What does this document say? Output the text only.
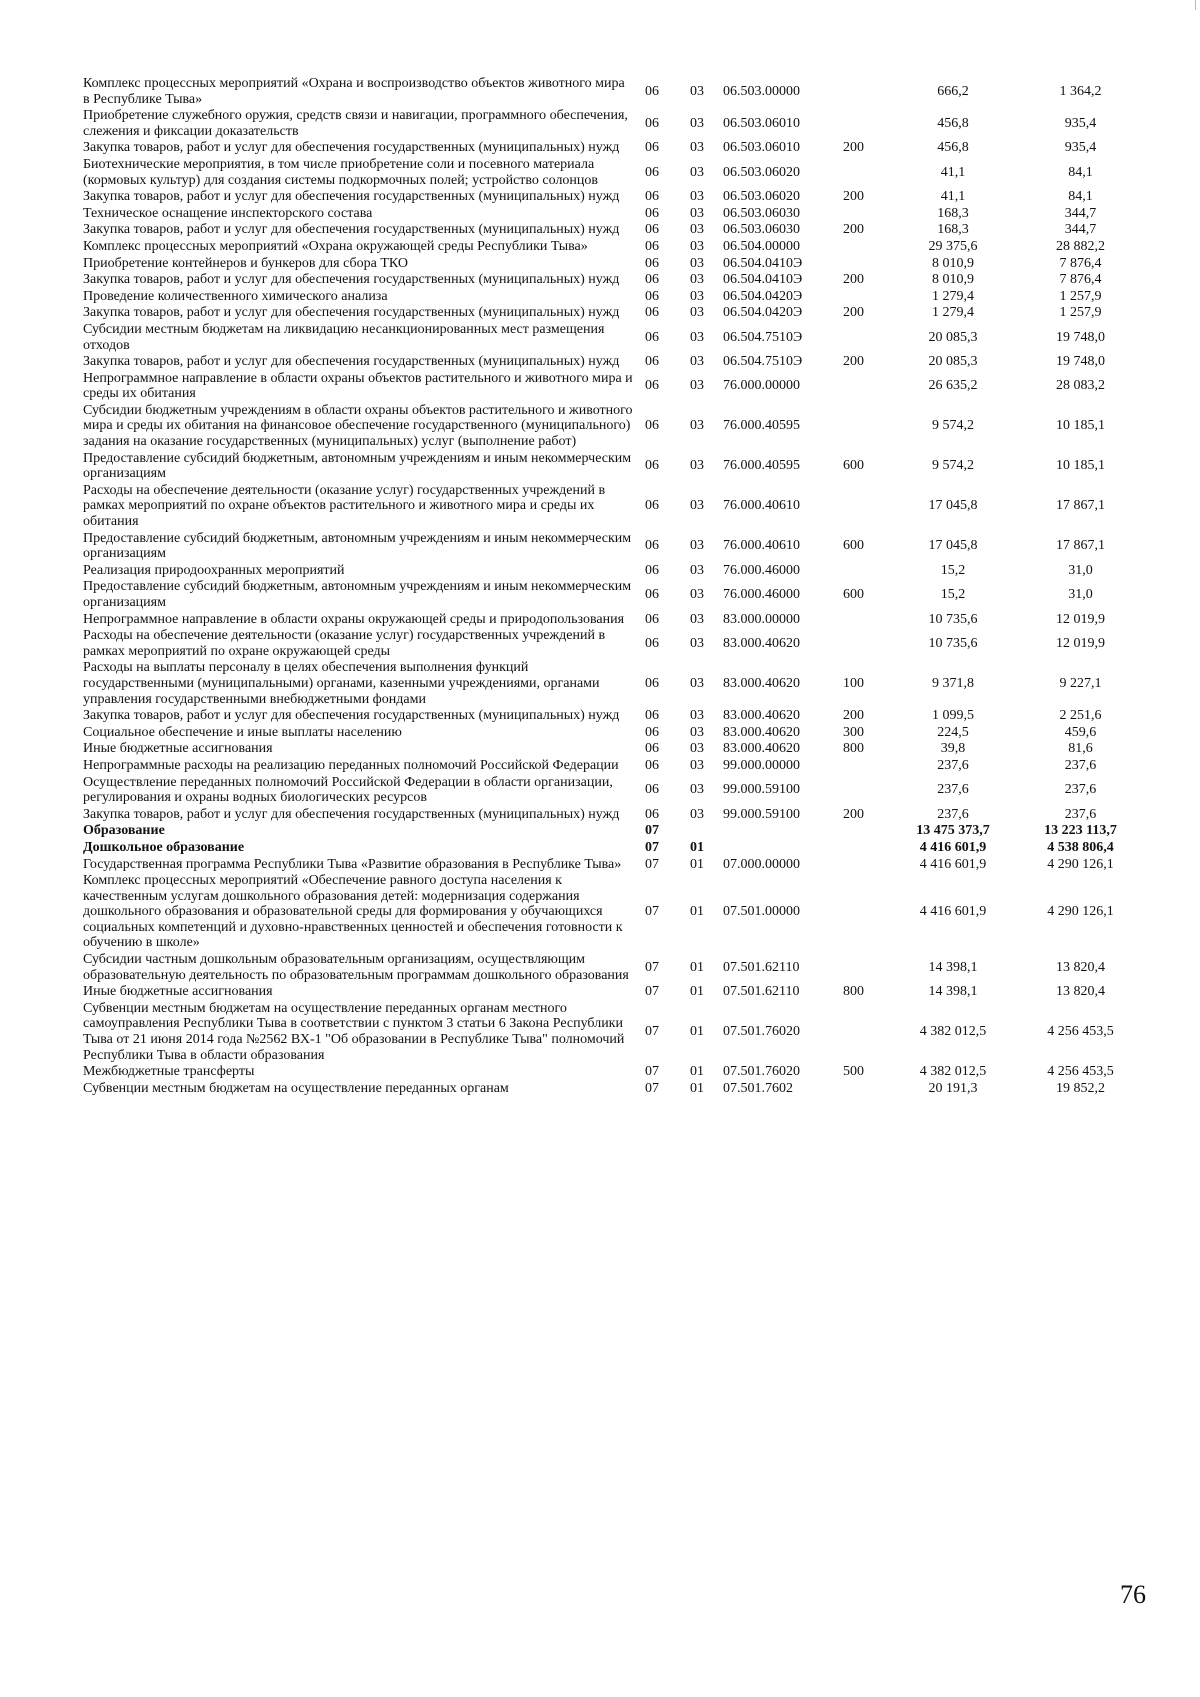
Комплекс процессных мероприятий «Охрана и воспроизводство объектов животного мира в Республике Тыва»	06	03	06.503.00000		666,2	1 364,2
Приобретение служебного оружия, средств связи и навигации, программного обеспечения, слежения и фиксации доказательств	06	03	06.503.06010		456,8	935,4
Закупка товаров, работ и услуг для обеспечения государственных (муниципальных) нужд	06	03	06.503.06010	200	456,8	935,4
Биотехнические мероприятия, в том числе приобретение соли и посевного материала (кормовых культур) для создания системы подкормочных полей; устройство солонцов	06	03	06.503.06020		41,1	84,1
Закупка товаров, работ и услуг для обеспечения государственных (муниципальных) нужд	06	03	06.503.06020	200	41,1	84,1
Техническое оснащение инспекторского состава	06	03	06.503.06030		168,3	344,7
Закупка товаров, работ и услуг для обеспечения государственных (муниципальных) нужд	06	03	06.503.06030	200	168,3	344,7
Комплекс процессных мероприятий «Охрана окружающей среды Республики Тыва»	06	03	06.504.00000		29 375,6	28 882,2
Приобретение контейнеров и бункеров для сбора ТКО	06	03	06.504.0410Э		8 010,9	7 876,4
Закупка товаров, работ и услуг для обеспечения государственных (муниципальных) нужд	06	03	06.504.0410Э	200	8 010,9	7 876,4
Проведение количественного химического анализа	06	03	06.504.0420Э		1 279,4	1 257,9
Закупка товаров, работ и услуг для обеспечения государственных (муниципальных) нужд	06	03	06.504.0420Э	200	1 279,4	1 257,9
Субсидии местным бюджетам на ликвидацию несанкционированных мест размещения отходов	06	03	06.504.7510Э		20 085,3	19 748,0
Закупка товаров, работ и услуг для обеспечения государственных (муниципальных) нужд	06	03	06.504.7510Э	200	20 085,3	19 748,0
Непрограммное направление в области охраны объектов растительного и животного мира и среды их обитания	06	03	76.000.00000		26 635,2	28 083,2
Субсидии бюджетным учреждениям в области охраны объектов растительного и животного мира и среды их обитания на финансовое обеспечение государственного (муниципального) задания на оказание государственных (муниципальных) услуг (выполнение работ)	06	03	76.000.40595		9 574,2	10 185,1
Предоставление субсидий бюджетным, автономным учреждениям и иным некоммерческим организациям	06	03	76.000.40595	600	9 574,2	10 185,1
Расходы на обеспечение деятельности (оказание услуг) государственных учреждений в рамках мероприятий по охране объектов растительного и животного мира и среды их обитания	06	03	76.000.40610		17 045,8	17 867,1
Предоставление субсидий бюджетным, автономным учреждениям и иным некоммерческим организациям	06	03	76.000.40610	600	17 045,8	17 867,1
Реализация природоохранных мероприятий	06	03	76.000.46000		15,2	31,0
Предоставление субсидий бюджетным, автономным учреждениям и иным некоммерческим организациям	06	03	76.000.46000	600	15,2	31,0
Непрограммное направление в области охраны окружающей среды и природопользования	06	03	83.000.00000		10 735,6	12 019,9
Расходы на обеспечение деятельности (оказание услуг) государственных учреждений в рамках мероприятий по охране окружающей среды	06	03	83.000.40620		10 735,6	12 019,9
Расходы на выплаты персоналу в целях обеспечения выполнения функций государственными (муниципальными) органами, казенными учреждениями, органами управления государственными внебюджетными фондами	06	03	83.000.40620	100	9 371,8	9 227,1
Закупка товаров, работ и услуг для обеспечения государственных (муниципальных) нужд	06	03	83.000.40620	200	1 099,5	2 251,6
Социальное обеспечение и иные выплаты населению	06	03	83.000.40620	300	224,5	459,6
Иные бюджетные ассигнования	06	03	83.000.40620	800	39,8	81,6
Непрограммные расходы на реализацию переданных полномочий Российской Федерации	06	03	99.000.00000		237,6	237,6
Осуществление переданных полномочий Российской Федерации в области организации, регулирования и охраны водных биологических ресурсов	06	03	99.000.59100		237,6	237,6
Закупка товаров, работ и услуг для обеспечения государственных (муниципальных) нужд	06	03	99.000.59100	200	237,6	237,6
Образование	07				13 475 373,7	13 223 113,7
Дошкольное образование	07	01			4 416 601,9	4 538 806,4
Государственная программа Республики Тыва «Развитие образования в Республике Тыва»	07	01	07.000.00000		4 416 601,9	4 290 126,1
Комплекс процессных мероприятий «Обеспечение равного доступа населения к качественным услугам дошкольного образования детей: модернизация содержания дошкольного образования и образовательной среды для формирования у обучающихся социальных компетенций и духовно-нравственных ценностей и обеспечения готовности к обучению в школе»	07	01	07.501.00000		4 416 601,9	4 290 126,1
Субсидии частным дошкольным образовательным организациям, осуществляющим образовательную деятельность по образовательным программам дошкольного образования	07	01	07.501.62110		14 398,1	13 820,4
Иные бюджетные ассигнования	07	01	07.501.62110	800	14 398,1	13 820,4
Субвенции местным бюджетам на осуществление переданных органам местного самоуправления Республики Тыва в соответствии с пунктом 3 статьи 6 Закона Республики Тыва от 21 июня 2014 года №2562 ВХ-1 "Об образовании в Республике Тыва" полномочий Республики Тыва в области образования	07	01	07.501.76020		4 382 012,5	4 256 453,5
Межбюджетные трансферты	07	01	07.501.76020	500	4 382 012,5	4 256 453,5
Субвенции местным бюджетам на осуществление переданных органам	07	01	07.501.7602		20 191,3	19 852,2
76
